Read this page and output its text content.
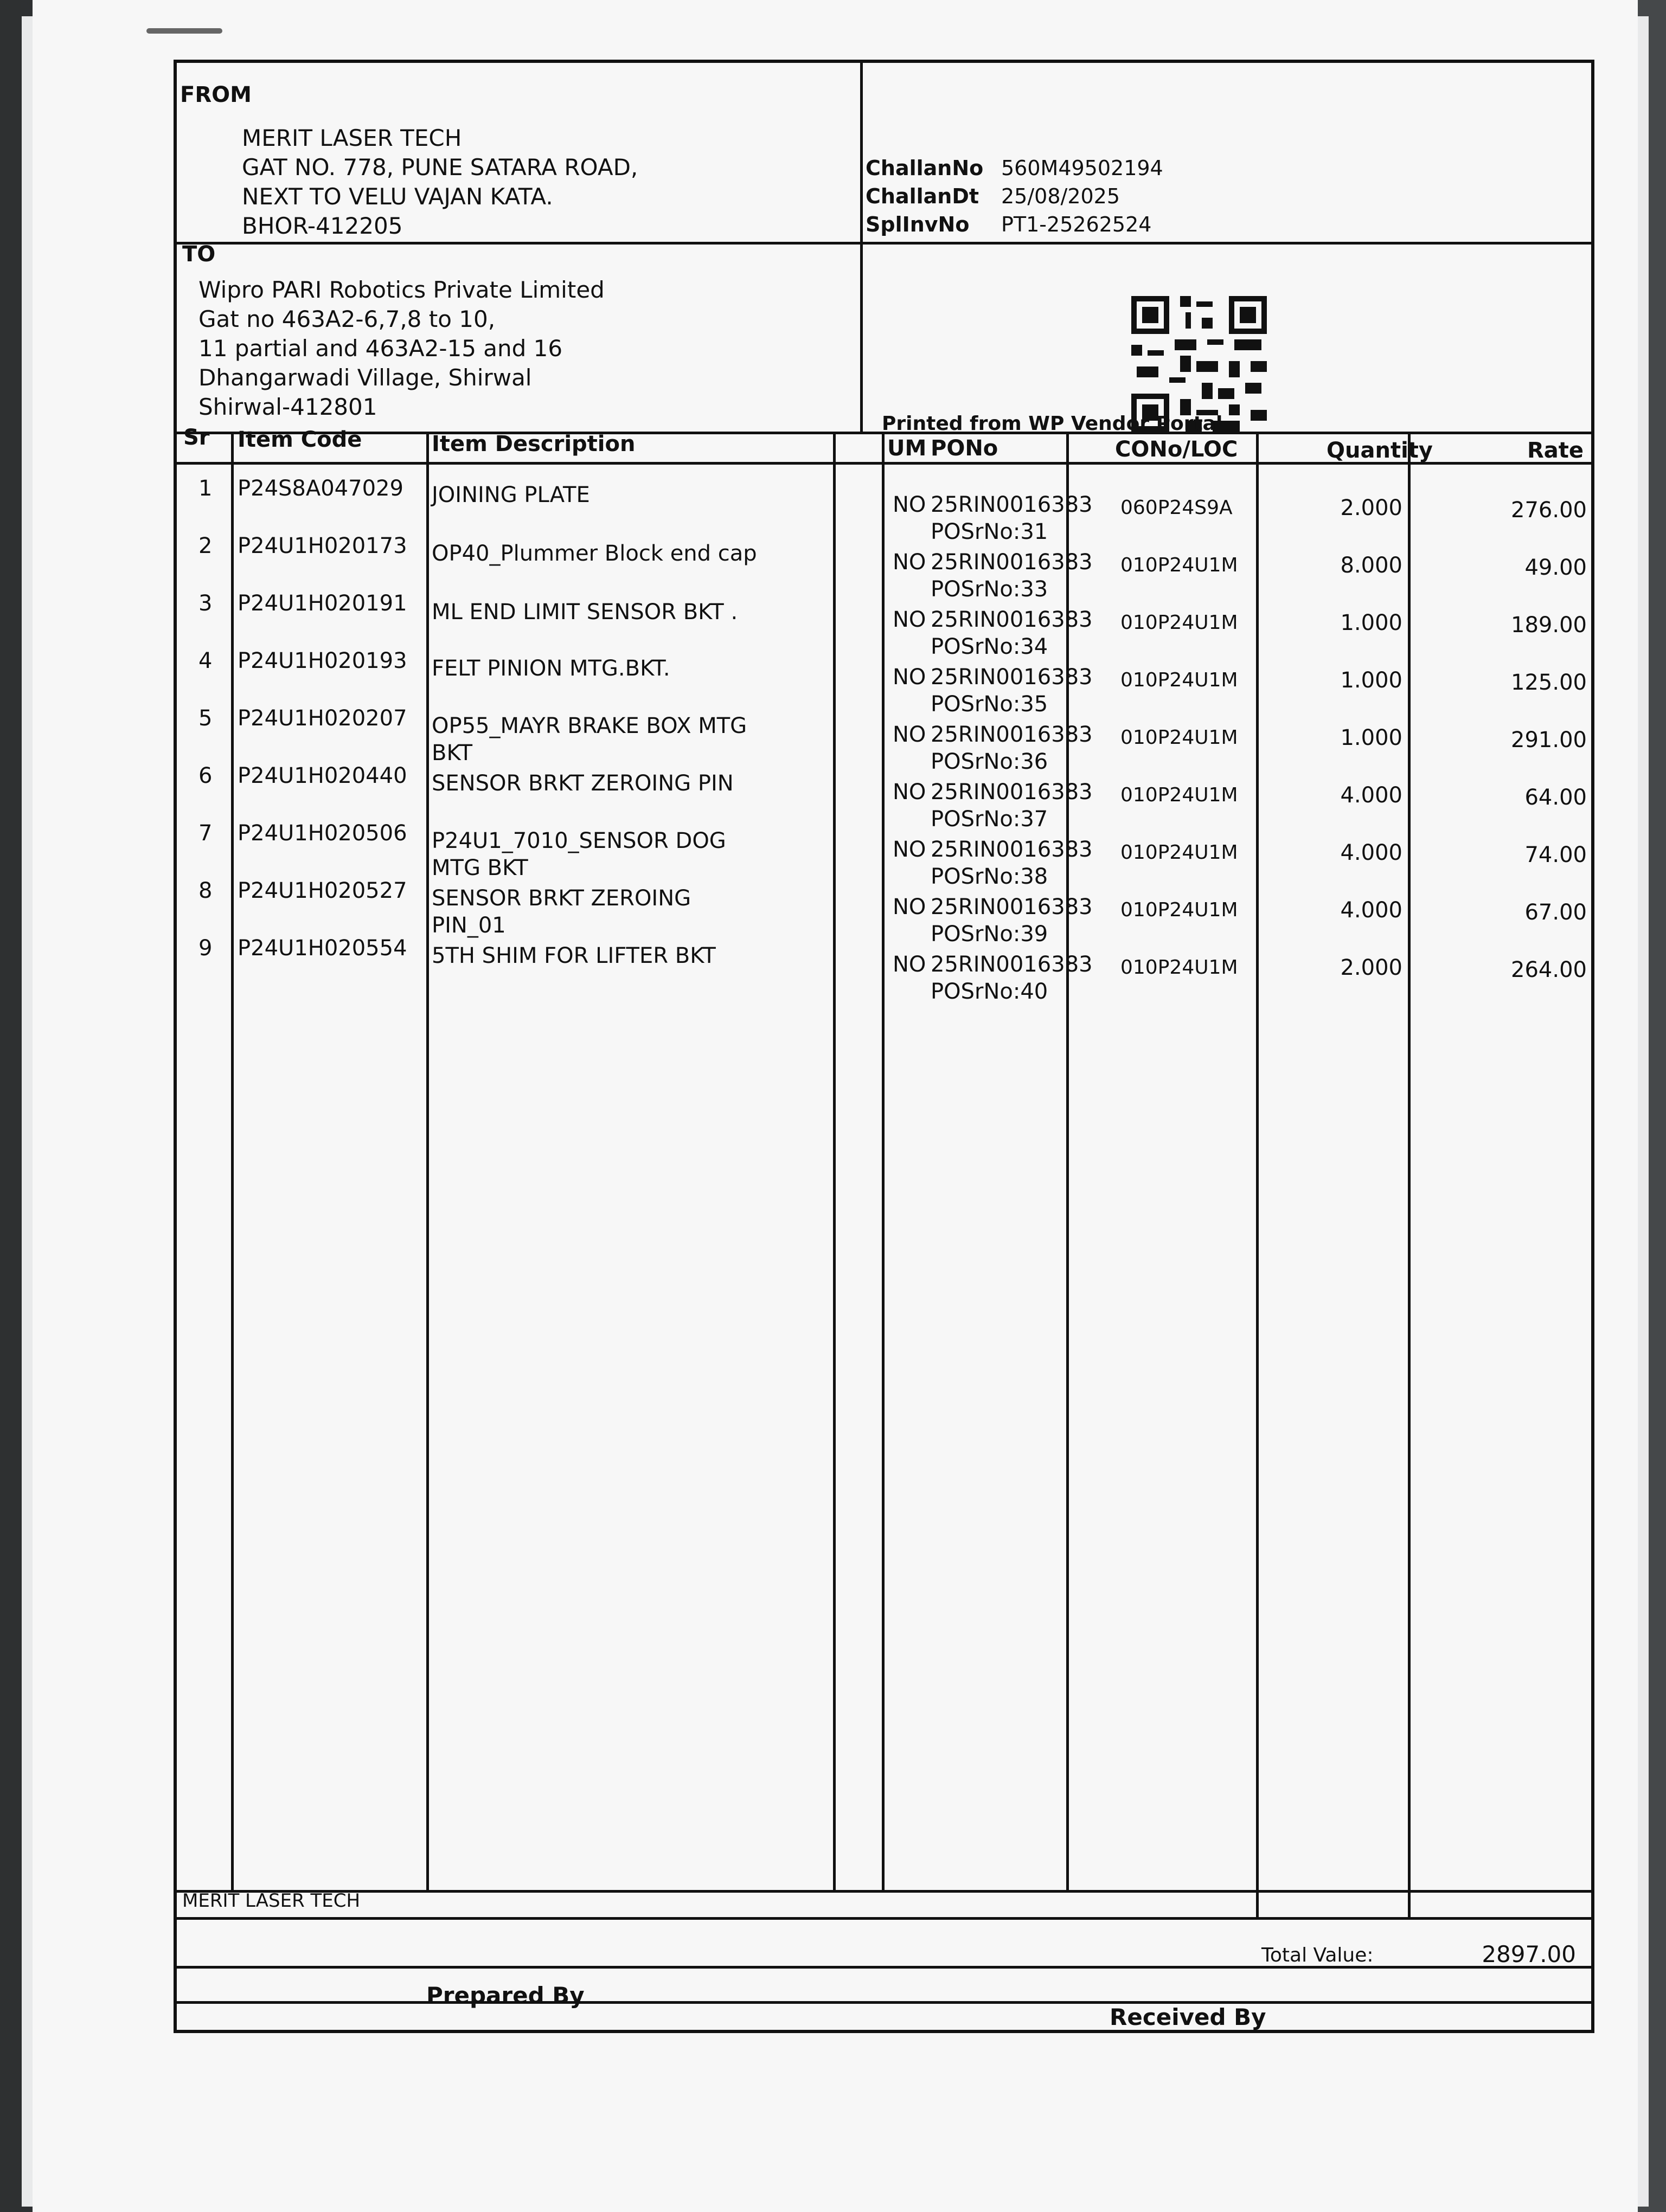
FROM
MERIT LASER TECH
GAT NO. 778, PUNE SATARA ROAD,
NEXT TO VELU VAJAN KATA.
BHOR-412205
TO
Wipro PARI Robotics Private Limited
Gat no 463A2-6,7,8 to 10,
11 partial and 463A2-15 and 16
Dhangarwadi Village, Shirwal
Shirwal-412801
ChallanNo 560M49502194
ChallanDt 25/08/2025
SplInvNo PT1-25262524
Printed from WP Vendor Portal
Sr Item Code	Item Description	UM PONo	CONo/LOC	Quantity	Rate
1 P24S8A047029 JOINING PLATE	NO 25RIN0016383
POSrNo:31
060P24S9A	2.000	276.00
2 P24U1H020173 OP40_Plummer Block end cap	NO 25RIN0016383
POSrNo:33
010P24U1M	8.000	49.00
3 P24U1H020191 ML END LIMIT SENSOR BKT .	NO 25RIN0016383
POSrNo:34
010P24U1M	1.000	189.00
4 P24U1H020193 FELT PINION MTG.BKT.	NO 25RIN0016383
POSrNo:35
010P24U1M	1.000	125.00
5 P24U1H020207 OP55_MAYR BRAKE BOX MTG BKT
NO 25RIN0016383
POSrNo:36
010P24U1M	1.000	291.00
6 P24U1H020440 SENSOR BRKT ZEROING PIN	NO 25RIN0016383
POSrNo:37
010P24U1M	4.000	64.00
7 P24U1H020506 P24U1_7010_SENSOR DOG MTG BKT
NO 25RIN0016383
POSrNo:38
010P24U1M	4.000	74.00
8 P24U1H020527 SENSOR BRKT ZEROING PIN_01
NO 25RIN0016383
POSrNo:39
010P24U1M	4.000	67.00
9 P24U1H020554 5TH SHIM FOR LIFTER BKT	NO 25RIN0016383
POSrNo:40
010P24U1M	2.000	264.00
MERIT LASER TECH
Total Value:	2897.00
Prepared By
Received By
